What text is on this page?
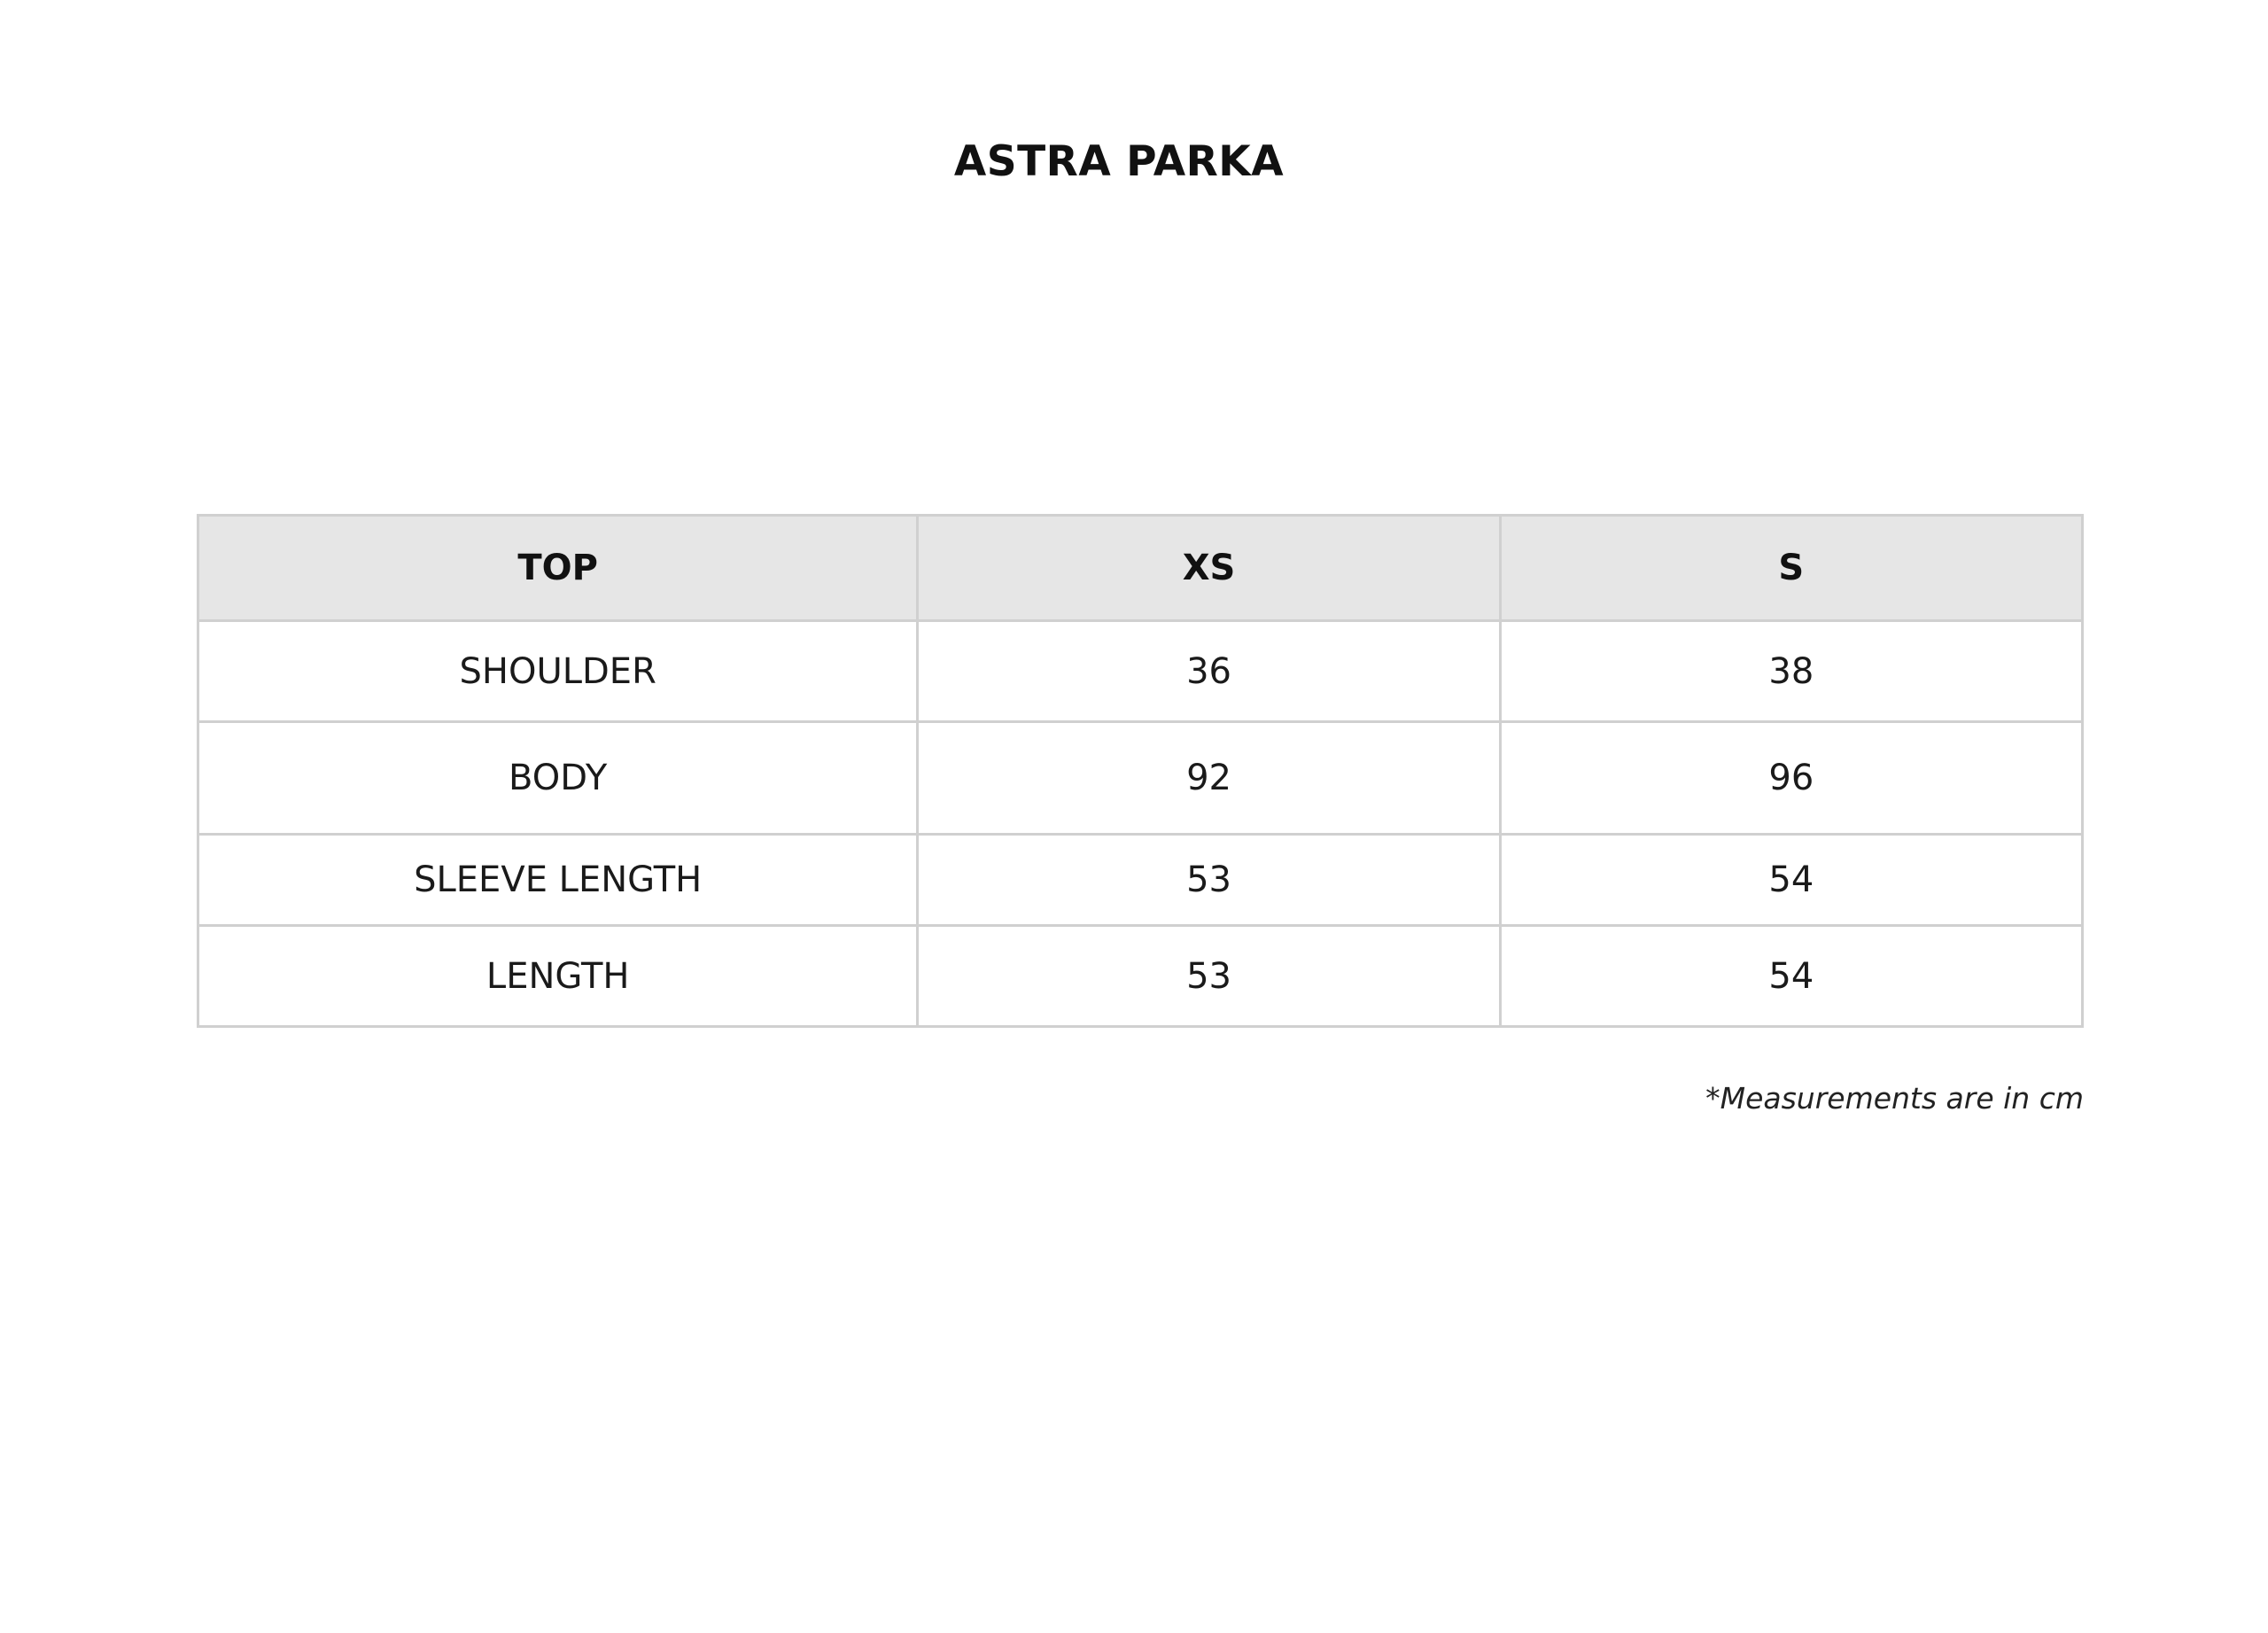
ASTRA PARKA
TOP	XS	S
SHOULDER	36	38
BODY	92	96
SLEEVE LENGTH	53	54
LENGTH	53	54
*Measurements are in cm
